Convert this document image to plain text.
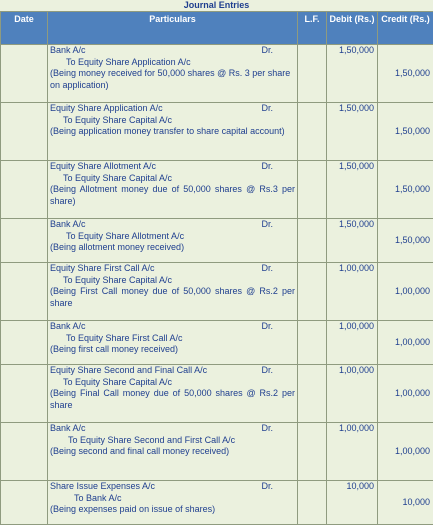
Journal Entries
Date	Particulars	L.F.	Debit (Rs.)	Credit (Rs.)

	Bank A/c Dr.
To Equity Share Application A/c
(Being money received for 50,000 shares @ Rs. 3 per share on application)		1,50,000	1,50,000

	Equity Share Application A/c Dr.
To Equity Share Capital A/c
(Being application money transfer to share capital account)		1,50,000	1,50,000

	Equity Share Allotment A/c Dr.
To Equity Share Capital A/c
(Being Allotment money due of 50,000 shares @ Rs.3 per share)		1,50,000	1,50,000

	Bank A/c Dr.
To Equity Share Allotment A/c
(Being allotment money received)		1,50,000	1,50,000

	Equity Share First Call A/c Dr.
To Equity Share Capital A/c
(Being First Call money due of 50,000 shares @ Rs.2 per share		1,00,000	1,00,000

	Bank A/c Dr.
To Equity Share First Call A/c
(Being first call money received)		1,00,000	1,00,000

	Equity Share Second and Final Call A/c Dr.
To Equity Share Capital A/c
(Being Final Call money due of 50,000 shares @ Rs.2 per share		1,00,000	1,00,000

	Bank A/c Dr.
To Equity Share Second and First Call A/c
(Being second and final call money received)		1,00,000	1,00,000

	Share Issue Expenses A/c Dr.
To Bank A/c
(Being expenses paid on issue of shares)		10,000	10,000
